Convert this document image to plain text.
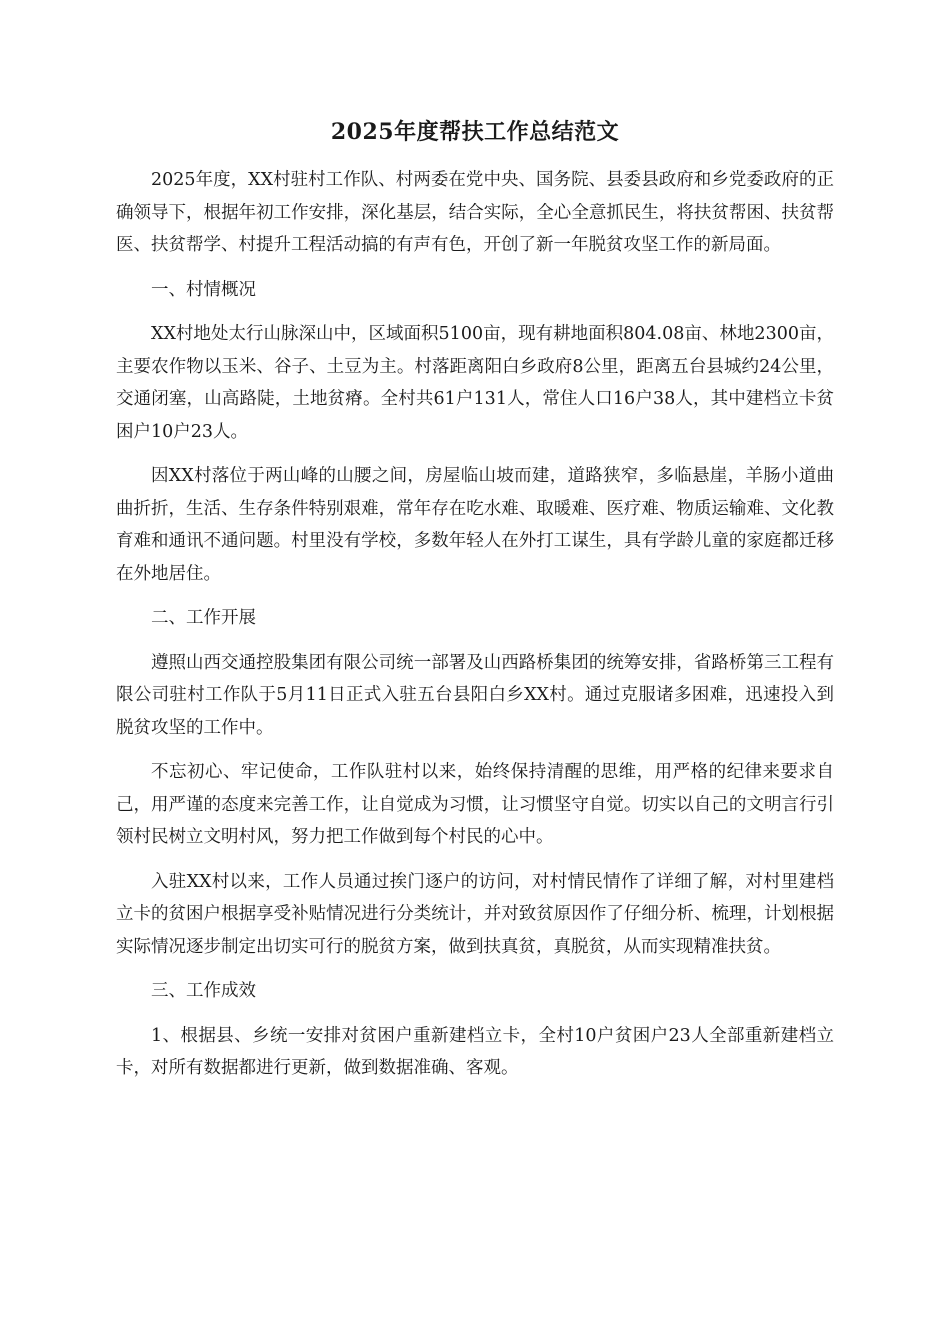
2025年度帮扶工作总结范文

2025年度，XX村驻村工作队、村两委在党中央、国务院、县委县政府和乡党委政府的正确领导下，根据年初工作安排，深化基层，结合实际，全心全意抓民生，将扶贫帮困、扶贫帮医、扶贫帮学、村提升工程活动搞的有声有色，开创了新一年脱贫攻坚工作的新局面。

一、村情概况

XX村地处太行山脉深山中，区域面积5100亩，现有耕地面积804.08亩、林地2300亩，主要农作物以玉米、谷子、土豆为主。村落距离阳白乡政府8公里，距离五台县城约24公里，交通闭塞，山高路陡，土地贫瘠。全村共61户131人，常住人口16户38人，其中建档立卡贫困户10户23人。

因XX村落位于两山峰的山腰之间，房屋临山坡而建，道路狭窄，多临悬崖，羊肠小道曲曲折折，生活、生存条件特别艰难，常年存在吃水难、取暖难、医疗难、物质运输难、文化教育难和通讯不通问题。村里没有学校，多数年轻人在外打工谋生，具有学龄儿童的家庭都迁移在外地居住。

二、工作开展

遵照山西交通控股集团有限公司统一部署及山西路桥集团的统筹安排，省路桥第三工程有限公司驻村工作队于5月11日正式入驻五台县阳白乡XX村。通过克服诸多困难，迅速投入到脱贫攻坚的工作中。

不忘初心、牢记使命，工作队驻村以来，始终保持清醒的思维，用严格的纪律来要求自己，用严谨的态度来完善工作，让自觉成为习惯，让习惯坚守自觉。切实以自己的文明言行引领村民树立文明村风，努力把工作做到每个村民的心中。

入驻XX村以来，工作人员通过挨门逐户的访问，对村情民情作了详细了解，对村里建档立卡的贫困户根据享受补贴情况进行分类统计，并对致贫原因作了仔细分析、梳理，计划根据实际情况逐步制定出切实可行的脱贫方案，做到扶真贫，真脱贫，从而实现精准扶贫。

三、工作成效

1、根据县、乡统一安排对贫困户重新建档立卡，全村10户贫困户23人全部重新建档立卡，对所有数据都进行更新，做到数据准确、客观。
